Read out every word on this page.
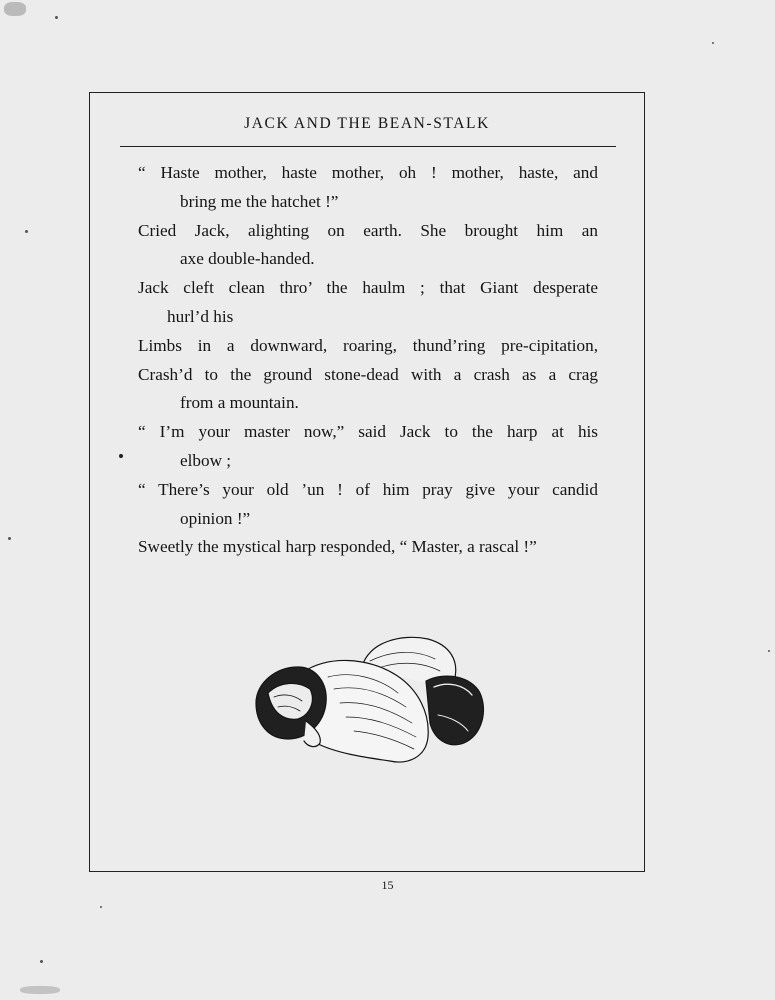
JACK AND THE BEAN-STALK
“ Haste mother, haste mother, oh ! mother, haste, and
bring me the hatchet !”
Cried Jack, alighting on earth. She brought him an
axe double-handed.
Jack cleft clean thro’ the haulm ; that Giant desperate
hurl’d his
Limbs in a downward, roaring, thund’ring pre-cipitation,
Crash’d to the ground stone-dead with a crash as a crag
from a mountain.
“ I’m your master now,” said Jack to the harp at his
elbow ;
“ There’s your old ’un ! of him pray give your candid
opinion !”
Sweetly the mystical harp responded, “ Master, a rascal !”
15
